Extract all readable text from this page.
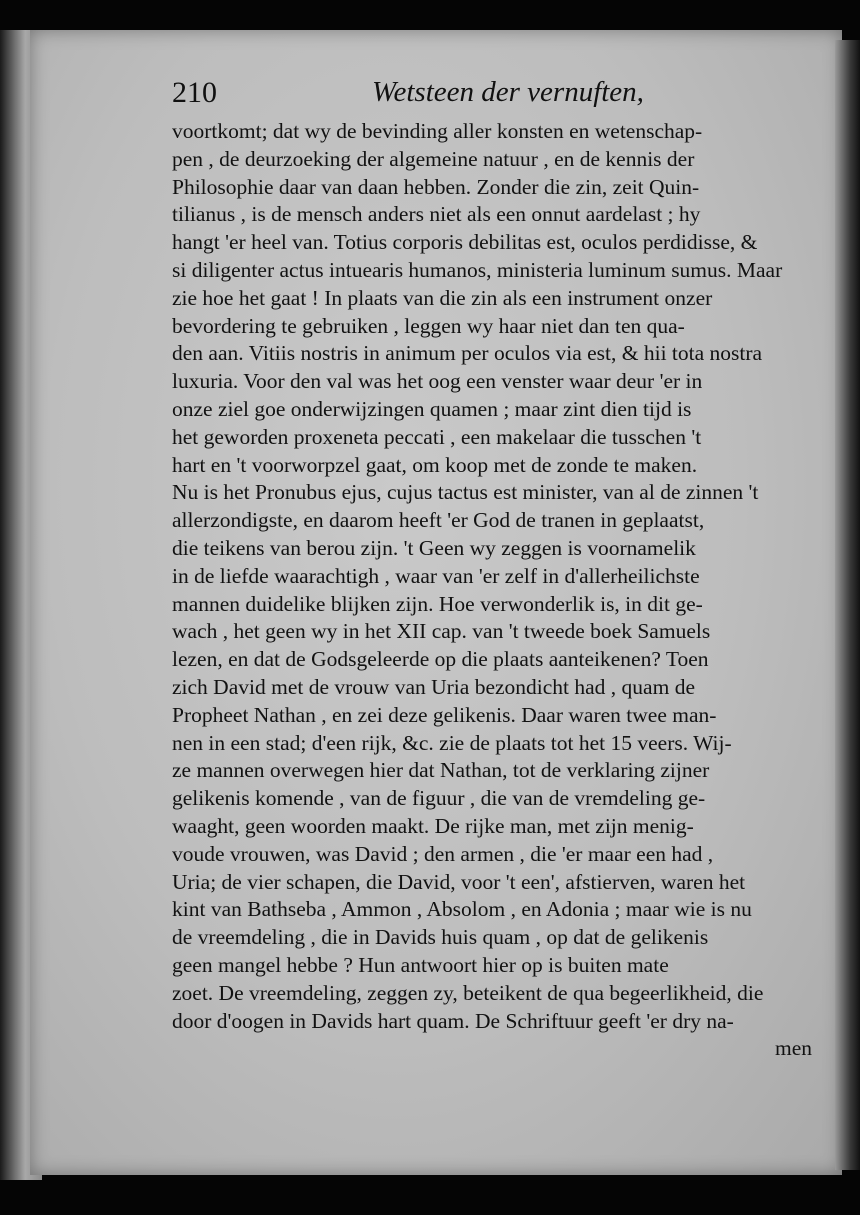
210	Wetsteen der vernuften,
voortkomt; dat wy de bevinding aller konsten en wetenschap-
pen , de deurzoeking der algemeine natuur , en de kennis der
Philosophie daar van daan hebben. Zonder die zin, zeit Quin-
tilianus , is de mensch anders niet als een onnut aardelast ; hy
hangt 'er heel van. Totius corporis debilitas est, oculos perdidisse, &
si diligenter actus intuearis humanos, ministeria luminum sumus. Maar
zie hoe het gaat ! In plaats van die zin als een instrument onzer
bevordering te gebruiken , leggen wy haar niet dan ten qua-
den aan. Vitiis nostris in animum per oculos via est, & hii tota nostra
luxuria. Voor den val was het oog een venster waar deur 'er in
onze ziel goe onderwijzingen quamen ; maar zint dien tijd is
het geworden proxeneta peccati , een makelaar die tusschen 't
hart en 't voorworpzel gaat, om koop met de zonde te maken.
Nu is het Pronubus ejus, cujus tactus est minister, van al de zinnen 't
allerzondigste, en daarom heeft 'er God de tranen in geplaatst,
die teikens van berou zijn. 't Geen wy zeggen is voornamelik
in de liefde waarachtigh , waar van 'er zelf in d'allerheilichste
mannen duidelike blijken zijn. Hoe verwonderlik is, in dit ge-
wach , het geen wy in het XII cap. van 't tweede boek Samuels
lezen, en dat de Godsgeleerde op die plaats aanteikenen? Toen
zich David met de vrouw van Uria bezondicht had , quam de
Propheet Nathan , en zei deze gelikenis. Daar waren twee man-
nen in een stad; d'een rijk, &c. zie de plaats tot het 15 veers. Wij-
ze mannen overwegen hier dat Nathan, tot de verklaring zijner
gelikenis komende , van de figuur , die van de vremdeling ge-
waaght, geen woorden maakt. De rijke man, met zijn menig-
voude vrouwen, was David ; den armen , die 'er maar een had ,
Uria; de vier schapen, die David, voor 't een', afstierven, waren het
kint van Bathseba , Ammon , Absolom , en Adonia ; maar wie is nu
de vreemdeling , die in Davids huis quam , op dat de gelikenis
geen mangel hebbe ? Hun antwoort hier op is buiten mate
zoet. De vreemdeling, zeggen zy, beteikent de qua begeerlikheid, die
door d'oogen in Davids hart quam. De Schriftuur geeft 'er dry na-
men
